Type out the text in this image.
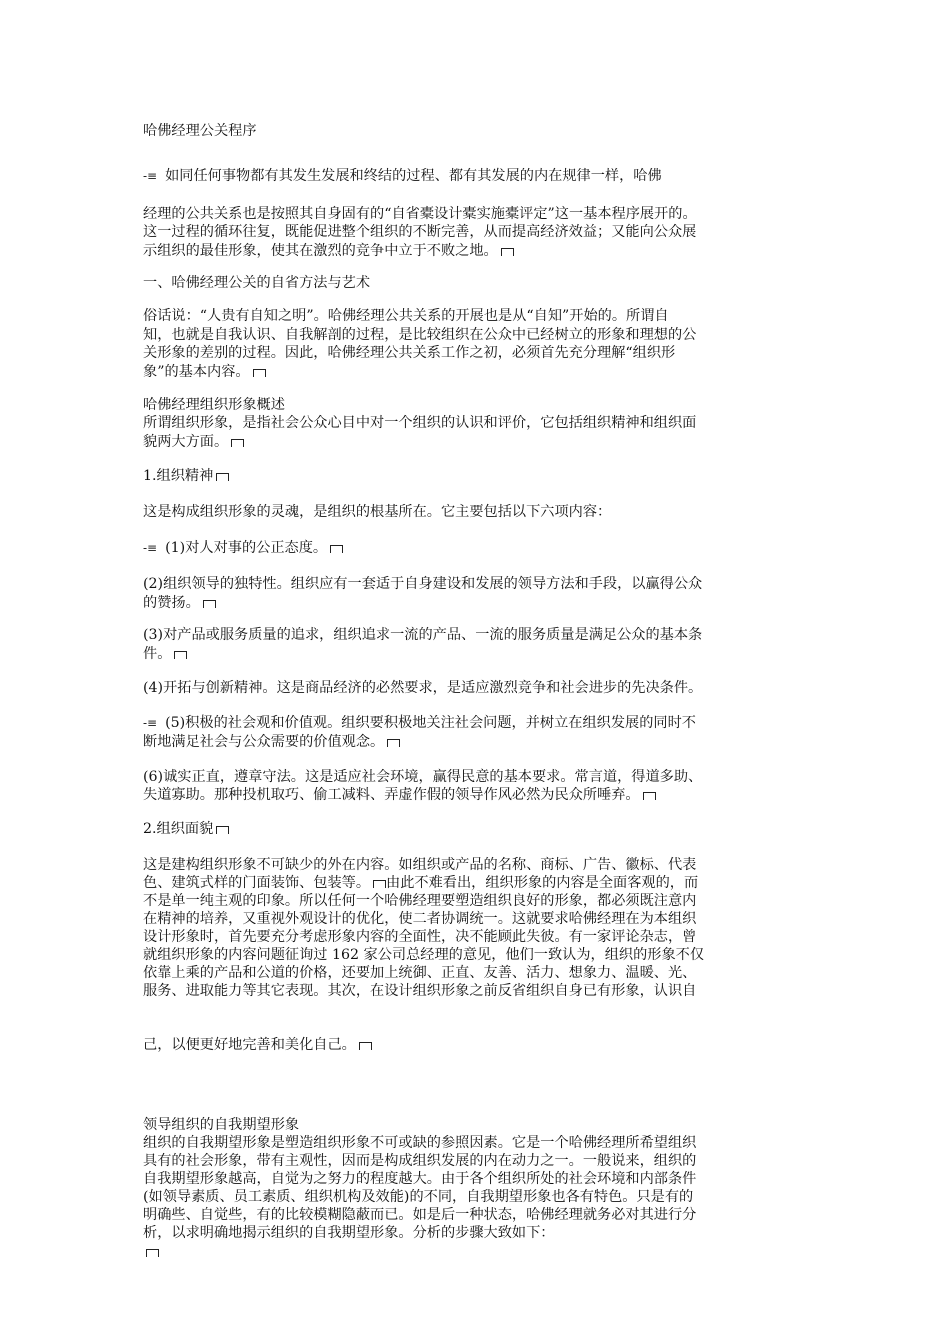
哈佛经理公关程序
-≡ 如同任何事物都有其发生发展和终结的过程、都有其发展的内在规律一样，哈佛
经理的公共关系也是按照其自身固有的“自省橐设计橐实施橐评定”这一基本程序展开的。
这一过程的循环往复，既能促进整个组织的不断完善，从而提高经济效益；又能向公众展
示组织的最佳形象，使其在激烈的竞争中立于不败之地。
一、哈佛经理公关的自省方法与艺术
俗话说：“人贵有自知之明”。哈佛经理公共关系的开展也是从“自知”开始的。所谓自
知，也就是自我认识、自我解剖的过程，是比较组织在公众中已经树立的形象和理想的公
关形象的差别的过程。因此，哈佛经理公共关系工作之初，必须首先充分理解“组织形
象”的基本内容。
哈佛经理组织形象概述
所谓组织形象，是指社会公众心目中对一个组织的认识和评价，它包括组织精神和组织面
貌两大方面。
1.组织精神
这是构成组织形象的灵魂，是组织的根基所在。它主要包括以下六项内容：
-≡ (1)对人对事的公正态度。
(2)组织领导的独特性。组织应有一套适于自身建设和发展的领导方法和手段，以赢得公众
的赞扬。
(3)对产品或服务质量的追求，组织追求一流的产品、一流的服务质量是满足公众的基本条
件。
(4)开拓与创新精神。这是商品经济的必然要求，是适应激烈竞争和社会进步的先决条件。
-≡ (5)积极的社会观和价值观。组织要积极地关注社会问题，并树立在组织发展的同时不
断地满足社会与公众需要的价值观念。
(6)诚实正直，遵章守法。这是适应社会环境，赢得民意的基本要求。常言道，得道多助、
失道寡助。那种投机取巧、偷工减料、弄虚作假的领导作风必然为民众所唾弃。
2.组织面貌
这是建构组织形象不可缺少的外在内容。如组织或产品的名称、商标、广告、徽标、代表
色、建筑式样的门面装饰、包装等。 由此不难看出，组织形象的内容是全面客观的，而
不是单一纯主观的印象。所以任何一个哈佛经理要塑造组织良好的形象，都必须既注意内
在精神的培养，又重视外观设计的优化，使二者协调统一。这就要求哈佛经理在为本组织
设计形象时，首先要充分考虑形象内容的全面性，决不能顾此失彼。有一家评论杂志，曾
就组织形象的内容问题征询过 162 家公司总经理的意见，他们一致认为，组织的形象不仅
依靠上乘的产品和公道的价格，还要加上统御、正直、友善、活力、想象力、温暖、光、
服务、进取能力等其它表现。其次，在设计组织形象之前反省组织自身已有形象，认识自
己，以便更好地完善和美化自己。
领导组织的自我期望形象
组织的自我期望形象是塑造组织形象不可或缺的参照因素。它是一个哈佛经理所希望组织
具有的社会形象，带有主观性，因而是构成组织发展的内在动力之一。一般说来，组织的
自我期望形象越高，自觉为之努力的程度越大。由于各个组织所处的社会环境和内部条件
(如领导素质、员工素质、组织机构及效能)的不同，自我期望形象也各有特色。只是有的
明确些、自觉些，有的比较模糊隐蔽而已。如是后一种状态，哈佛经理就务必对其进行分
析，以求明确地揭示组织的自我期望形象。分析的步骤大致如下：
